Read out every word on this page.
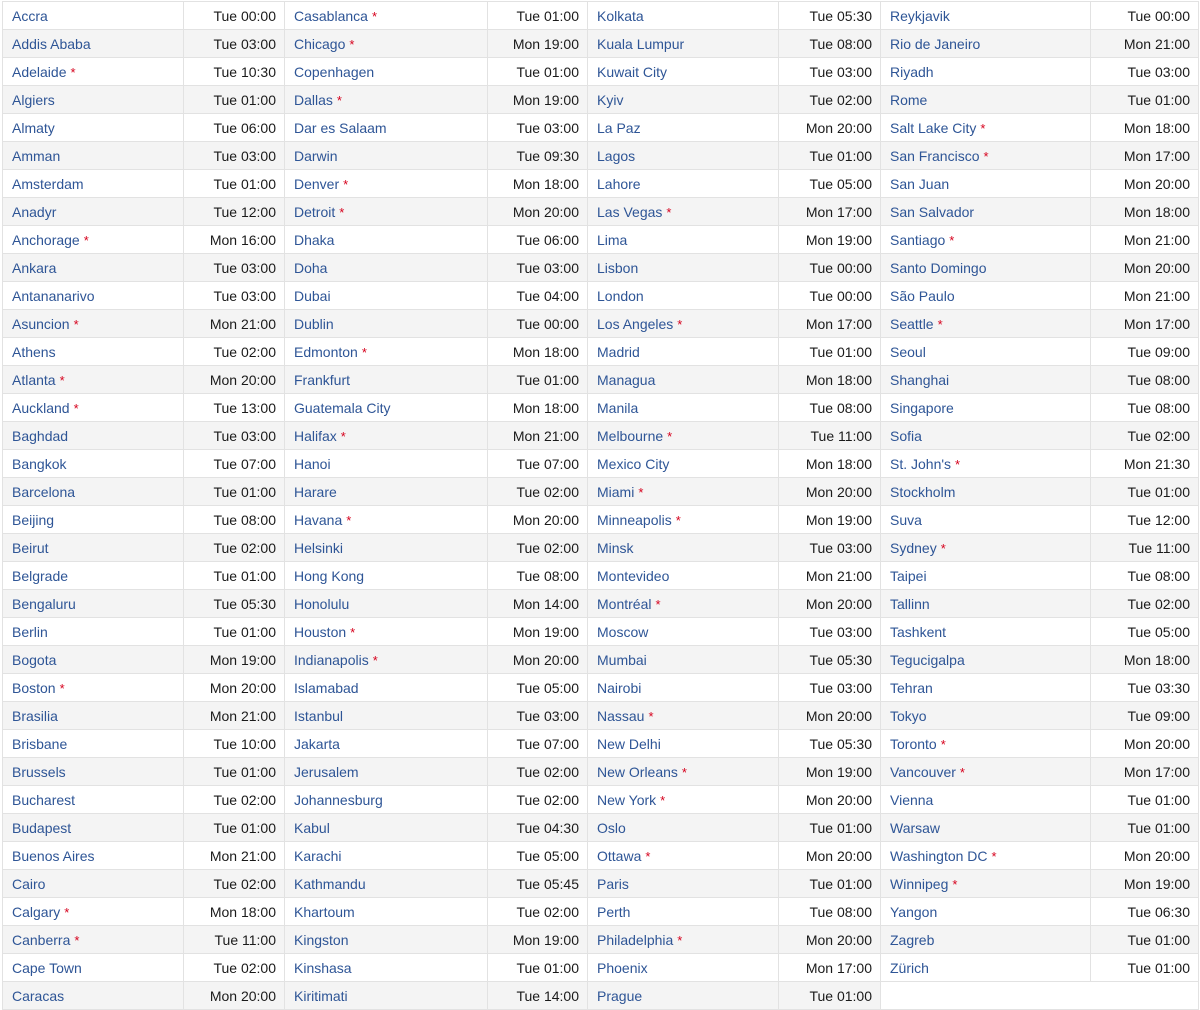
Accra	Tue 00:00	Casablanca *	Tue 01:00	Kolkata	Tue 05:30	Reykjavik	Tue 00:00
Addis Ababa	Tue 03:00	Chicago *	Mon 19:00	Kuala Lumpur	Tue 08:00	Rio de Janeiro	Mon 21:00
Adelaide *	Tue 10:30	Copenhagen	Tue 01:00	Kuwait City	Tue 03:00	Riyadh	Tue 03:00
Algiers	Tue 01:00	Dallas *	Mon 19:00	Kyiv	Tue 02:00	Rome	Tue 01:00
Almaty	Tue 06:00	Dar es Salaam	Tue 03:00	La Paz	Mon 20:00	Salt Lake City *	Mon 18:00
Amman	Tue 03:00	Darwin	Tue 09:30	Lagos	Tue 01:00	San Francisco *	Mon 17:00
Amsterdam	Tue 01:00	Denver *	Mon 18:00	Lahore	Tue 05:00	San Juan	Mon 20:00
Anadyr	Tue 12:00	Detroit *	Mon 20:00	Las Vegas *	Mon 17:00	San Salvador	Mon 18:00
Anchorage *	Mon 16:00	Dhaka	Tue 06:00	Lima	Mon 19:00	Santiago *	Mon 21:00
Ankara	Tue 03:00	Doha	Tue 03:00	Lisbon	Tue 00:00	Santo Domingo	Mon 20:00
Antananarivo	Tue 03:00	Dubai	Tue 04:00	London	Tue 00:00	São Paulo	Mon 21:00
Asuncion *	Mon 21:00	Dublin	Tue 00:00	Los Angeles *	Mon 17:00	Seattle *	Mon 17:00
Athens	Tue 02:00	Edmonton *	Mon 18:00	Madrid	Tue 01:00	Seoul	Tue 09:00
Atlanta *	Mon 20:00	Frankfurt	Tue 01:00	Managua	Mon 18:00	Shanghai	Tue 08:00
Auckland *	Tue 13:00	Guatemala City	Mon 18:00	Manila	Tue 08:00	Singapore	Tue 08:00
Baghdad	Tue 03:00	Halifax *	Mon 21:00	Melbourne *	Tue 11:00	Sofia	Tue 02:00
Bangkok	Tue 07:00	Hanoi	Tue 07:00	Mexico City	Mon 18:00	St. John's *	Mon 21:30
Barcelona	Tue 01:00	Harare	Tue 02:00	Miami *	Mon 20:00	Stockholm	Tue 01:00
Beijing	Tue 08:00	Havana *	Mon 20:00	Minneapolis *	Mon 19:00	Suva	Tue 12:00
Beirut	Tue 02:00	Helsinki	Tue 02:00	Minsk	Tue 03:00	Sydney *	Tue 11:00
Belgrade	Tue 01:00	Hong Kong	Tue 08:00	Montevideo	Mon 21:00	Taipei	Tue 08:00
Bengaluru	Tue 05:30	Honolulu	Mon 14:00	Montréal *	Mon 20:00	Tallinn	Tue 02:00
Berlin	Tue 01:00	Houston *	Mon 19:00	Moscow	Tue 03:00	Tashkent	Tue 05:00
Bogota	Mon 19:00	Indianapolis *	Mon 20:00	Mumbai	Tue 05:30	Tegucigalpa	Mon 18:00
Boston *	Mon 20:00	Islamabad	Tue 05:00	Nairobi	Tue 03:00	Tehran	Tue 03:30
Brasilia	Mon 21:00	Istanbul	Tue 03:00	Nassau *	Mon 20:00	Tokyo	Tue 09:00
Brisbane	Tue 10:00	Jakarta	Tue 07:00	New Delhi	Tue 05:30	Toronto *	Mon 20:00
Brussels	Tue 01:00	Jerusalem	Tue 02:00	New Orleans *	Mon 19:00	Vancouver *	Mon 17:00
Bucharest	Tue 02:00	Johannesburg	Tue 02:00	New York *	Mon 20:00	Vienna	Tue 01:00
Budapest	Tue 01:00	Kabul	Tue 04:30	Oslo	Tue 01:00	Warsaw	Tue 01:00
Buenos Aires	Mon 21:00	Karachi	Tue 05:00	Ottawa *	Mon 20:00	Washington DC *	Mon 20:00
Cairo	Tue 02:00	Kathmandu	Tue 05:45	Paris	Tue 01:00	Winnipeg *	Mon 19:00
Calgary *	Mon 18:00	Khartoum	Tue 02:00	Perth	Tue 08:00	Yangon	Tue 06:30
Canberra *	Tue 11:00	Kingston	Mon 19:00	Philadelphia *	Mon 20:00	Zagreb	Tue 01:00
Cape Town	Tue 02:00	Kinshasa	Tue 01:00	Phoenix	Mon 17:00	Zürich	Tue 01:00
Caracas	Mon 20:00	Kiritimati	Tue 14:00	Prague	Tue 01:00		
